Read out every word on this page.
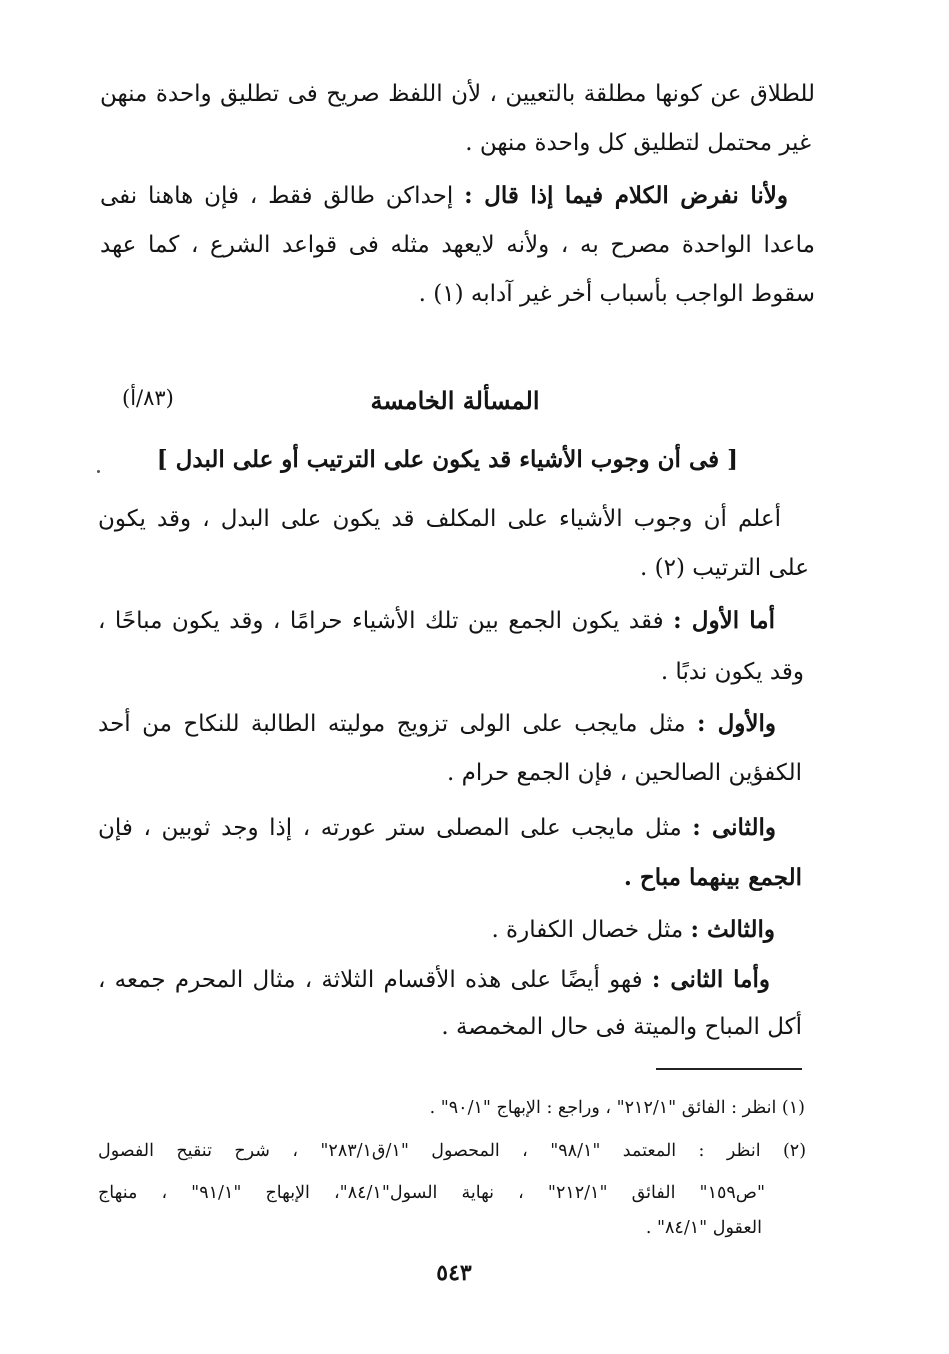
للطلاق عن كونها مطلقة بالتعيين ، لأن اللفظ صريح فى تطليق واحدة منهن

غير محتمل لتطليق كل واحدة منهن .

ولأنا نفرض الكلام فيما إذا قال : إحداكن طالق فقط ، فإن هاهنا نفى

ماعدا الواحدة مصرح به ، ولأنه لايعهد مثله فى قواعد الشرع ، كما عهد

سقوط الواجب بأسباب أخر غير آدابه (١) .

المسألة الخامسة
(٨٣/أ)

[ فى أن وجوب الأشياء قد يكون على الترتيب أو على البدل ]

أعلم أن وجوب الأشياء على المكلف قد يكون على البدل ، وقد يكون

على الترتيب (٢) .

أما الأول : فقد يكون الجمع بين تلك الأشياء حرامًا ، وقد يكون مباحًا ،

وقد يكون ندبًا .

والأول : مثل مايجب على الولى تزويج موليته الطالبة للنكاح من أحد

الكفؤين الصالحين ، فإن الجمع حرام .

والثانى : مثل مايجب على المصلى ستر عورته ، إذا وجد ثوبين ، فإن

الجمع بينهما مباح .

والثالث : مثل خصال الكفارة .

وأما الثانى : فهو أيضًا على هذه الأقسام الثلاثة ، مثال المحرم جمعه ،

أكل المباح والميتة فى حال المخمصة .

(١) انظر : الفائق "٢١٢/١" ، وراجع : الإبهاج "٩٠/١" .

(٢) انظر : المعتمد "٩٨/١" ، المحصول "١/ق٢٨٣/١" ، شرح تنقيح الفصول

"ص١٥٩" الفائق "٢١٢/١" ، نهاية السول"٨٤/١"، الإبهاج "٩١/١" ، منهاج

العقول "٨٤/١" .

٥٤٣
